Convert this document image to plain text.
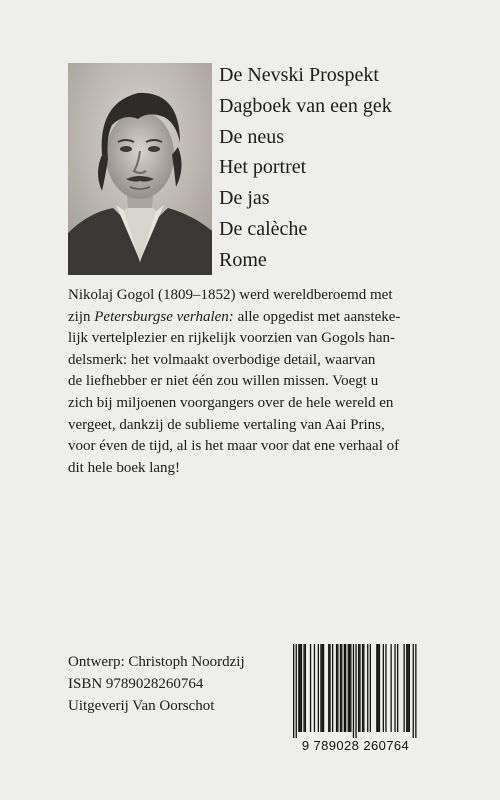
De Nevski Prospekt
Dagboek van een gek
De neus
Het portret
De jas
De calèche
Rome

Nikolaj Gogol (1809–1852) werd wereldberoemd met
zijn Petersburgse verhalen: alle opgedist met aansteke-
lijk vertelplezier en rijkelijk voorzien van Gogols han-
delsmerk: het volmaakt overbodige detail, waarvan
de liefhebber er niet één zou willen missen. Voegt u
zich bij miljoenen voorgangers over de hele wereld en
vergeet, dankzij de sublieme vertaling van Aai Prins,
voor éven de tijd, al is het maar voor dat ene verhaal of
dit hele boek lang!

Ontwerp: Christoph Noordzij
ISBN 9789028260764
Uitgeverij Van Oorschot
9 789028 260764
